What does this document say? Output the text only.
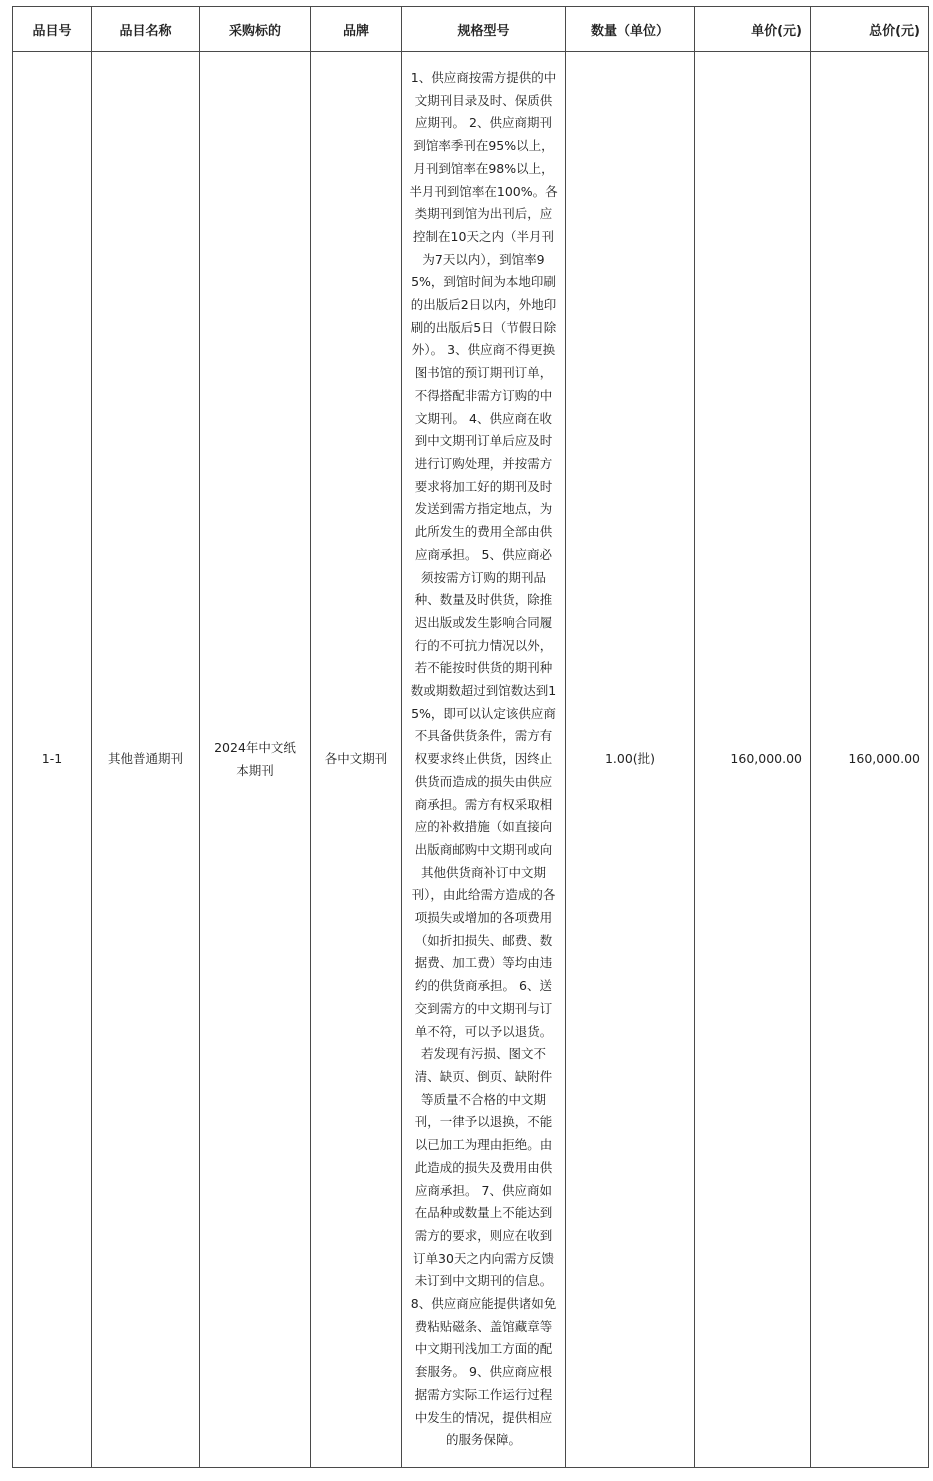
品目号	品目名称	采购标的	品牌	规格型号	数量（单位）	单价(元)	总价(元)
1-1	其他普通期刊	2024年中文纸本期刊	各中文期刊	1、供应商按需方提供的中文期刊目录及时、保质供应期刊。 2、供应商期刊到馆率季刊在95%以上，月刊到馆率在98%以上，半月刊到馆率在100%。各类期刊到馆为出刊后，应控制在10天之内（半月刊为7天以内），到馆率95%，到馆时间为本地印刷的出版后2日以内，外地印刷的出版后5日（节假日除外）。 3、供应商不得更换图书馆的预订期刊订单，不得搭配非需方订购的中文期刊。 4、供应商在收到中文期刊订单后应及时进行订购处理，并按需方要求将加工好的期刊及时发送到需方指定地点，为此所发生的费用全部由供应商承担。 5、供应商必须按需方订购的期刊品种、数量及时供货，除推迟出版或发生影响合同履行的不可抗力情况以外，若不能按时供货的期刊种数或期数超过到馆数达到15%，即可以认定该供应商不具备供货条件，需方有权要求终止供货，因终止供货而造成的损失由供应商承担。需方有权采取相应的补救措施（如直接向出版商邮购中文期刊或向其他供货商补订中文期刊），由此给需方造成的各项损失或增加的各项费用（如折扣损失、邮费、数据费、加工费）等均由违约的供货商承担。 6、送交到需方的中文期刊与订单不符，可以予以退货。若发现有污损、图文不清、缺页、倒页、缺附件等质量不合格的中文期刊，一律予以退换，不能以已加工为理由拒绝。由此造成的损失及费用由供应商承担。 7、供应商如在品种或数量上不能达到需方的要求，则应在收到订单30天之内向需方反馈未订到中文期刊的信息。 8、供应商应能提供诸如免费粘贴磁条、盖馆藏章等中文期刊浅加工方面的配套服务。 9、供应商应根据需方实际工作运行过程中发生的情况，提供相应的服务保障。	1.00(批)	160,000.00	160,000.00
